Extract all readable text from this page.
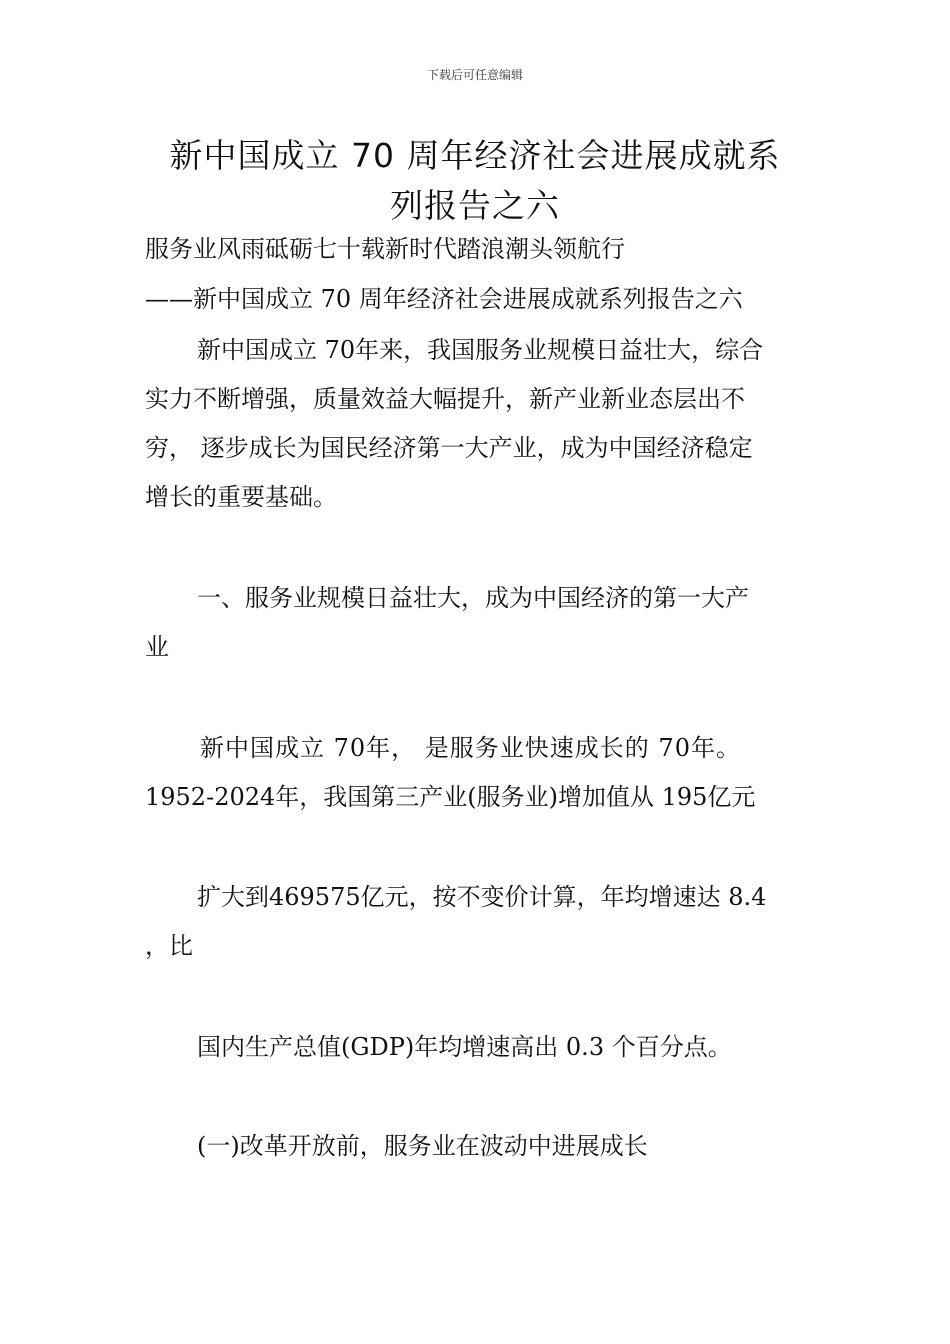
下载后可任意编辑

新中国成立 70 周年经济社会进展成就系
列报告之六

服务业风雨砥砺七十载新时代踏浪潮头领航行

——新中国成立 70 周年经济社会进展成就系列报告之六

新中国成立 70年来，我国服务业规模日益壮大，综合

实力不断增强，质量效益大幅提升，新产业新业态层出不

穷， 逐步成长为国民经济第一大产业，成为中国经济稳定

增长的重要基础。

一、服务业规模日益壮大，成为中国经济的第一大产

业

新中国成立 70年， 是服务业快速成长的 70年。

1952-2024年，我国第三产业(服务业)增加值从 195亿元

扩大到469575亿元，按不变价计算，年均增速达 8.4

，比

国内生产总值(GDP)年均增速高出 0.3 个百分点。

(一)改革开放前，服务业在波动中进展成长
